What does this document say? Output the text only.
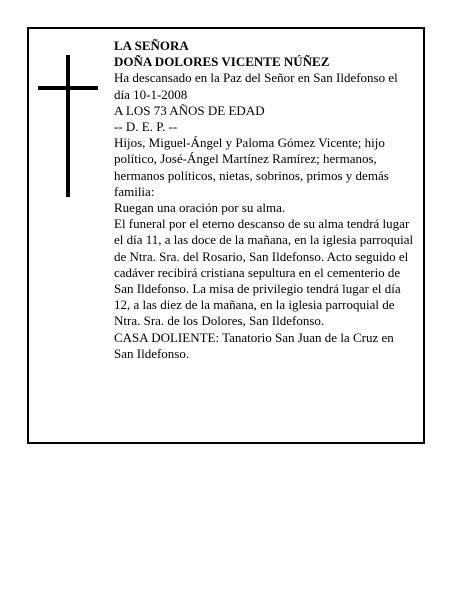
LA SEÑORA

DOÑA DOLORES VICENTE NÚÑEZ

Ha descansado en la Paz del Señor en San Ildefonso el día 10-1-2008

A LOS 73 AÑOS DE EDAD

-- D. E. P. --

Hijos, Miguel-Ángel y Paloma Gómez Vicente; hijo político, José-Ángel Martínez Ramírez; hermanos, hermanos políticos, nietas, sobrinos, primos y demás familia:

Ruegan una oración por su alma.

El funeral por el eterno descanso de su alma tendrá lugar el día 11, a las doce de la mañana, en la iglesia parroquial de Ntra. Sra. del Rosario, San Ildefonso. Acto seguido el cadáver recibirá cristiana sepultura en el cementerio de San Ildefonso. La misa de privilegio tendrá lugar el día 12, a las diez de la mañana, en la iglesia parroquial de Ntra. Sra. de los Dolores, San Ildefonso.

CASA DOLIENTE: Tanatorio San Juan de la Cruz en San Ildefonso.
